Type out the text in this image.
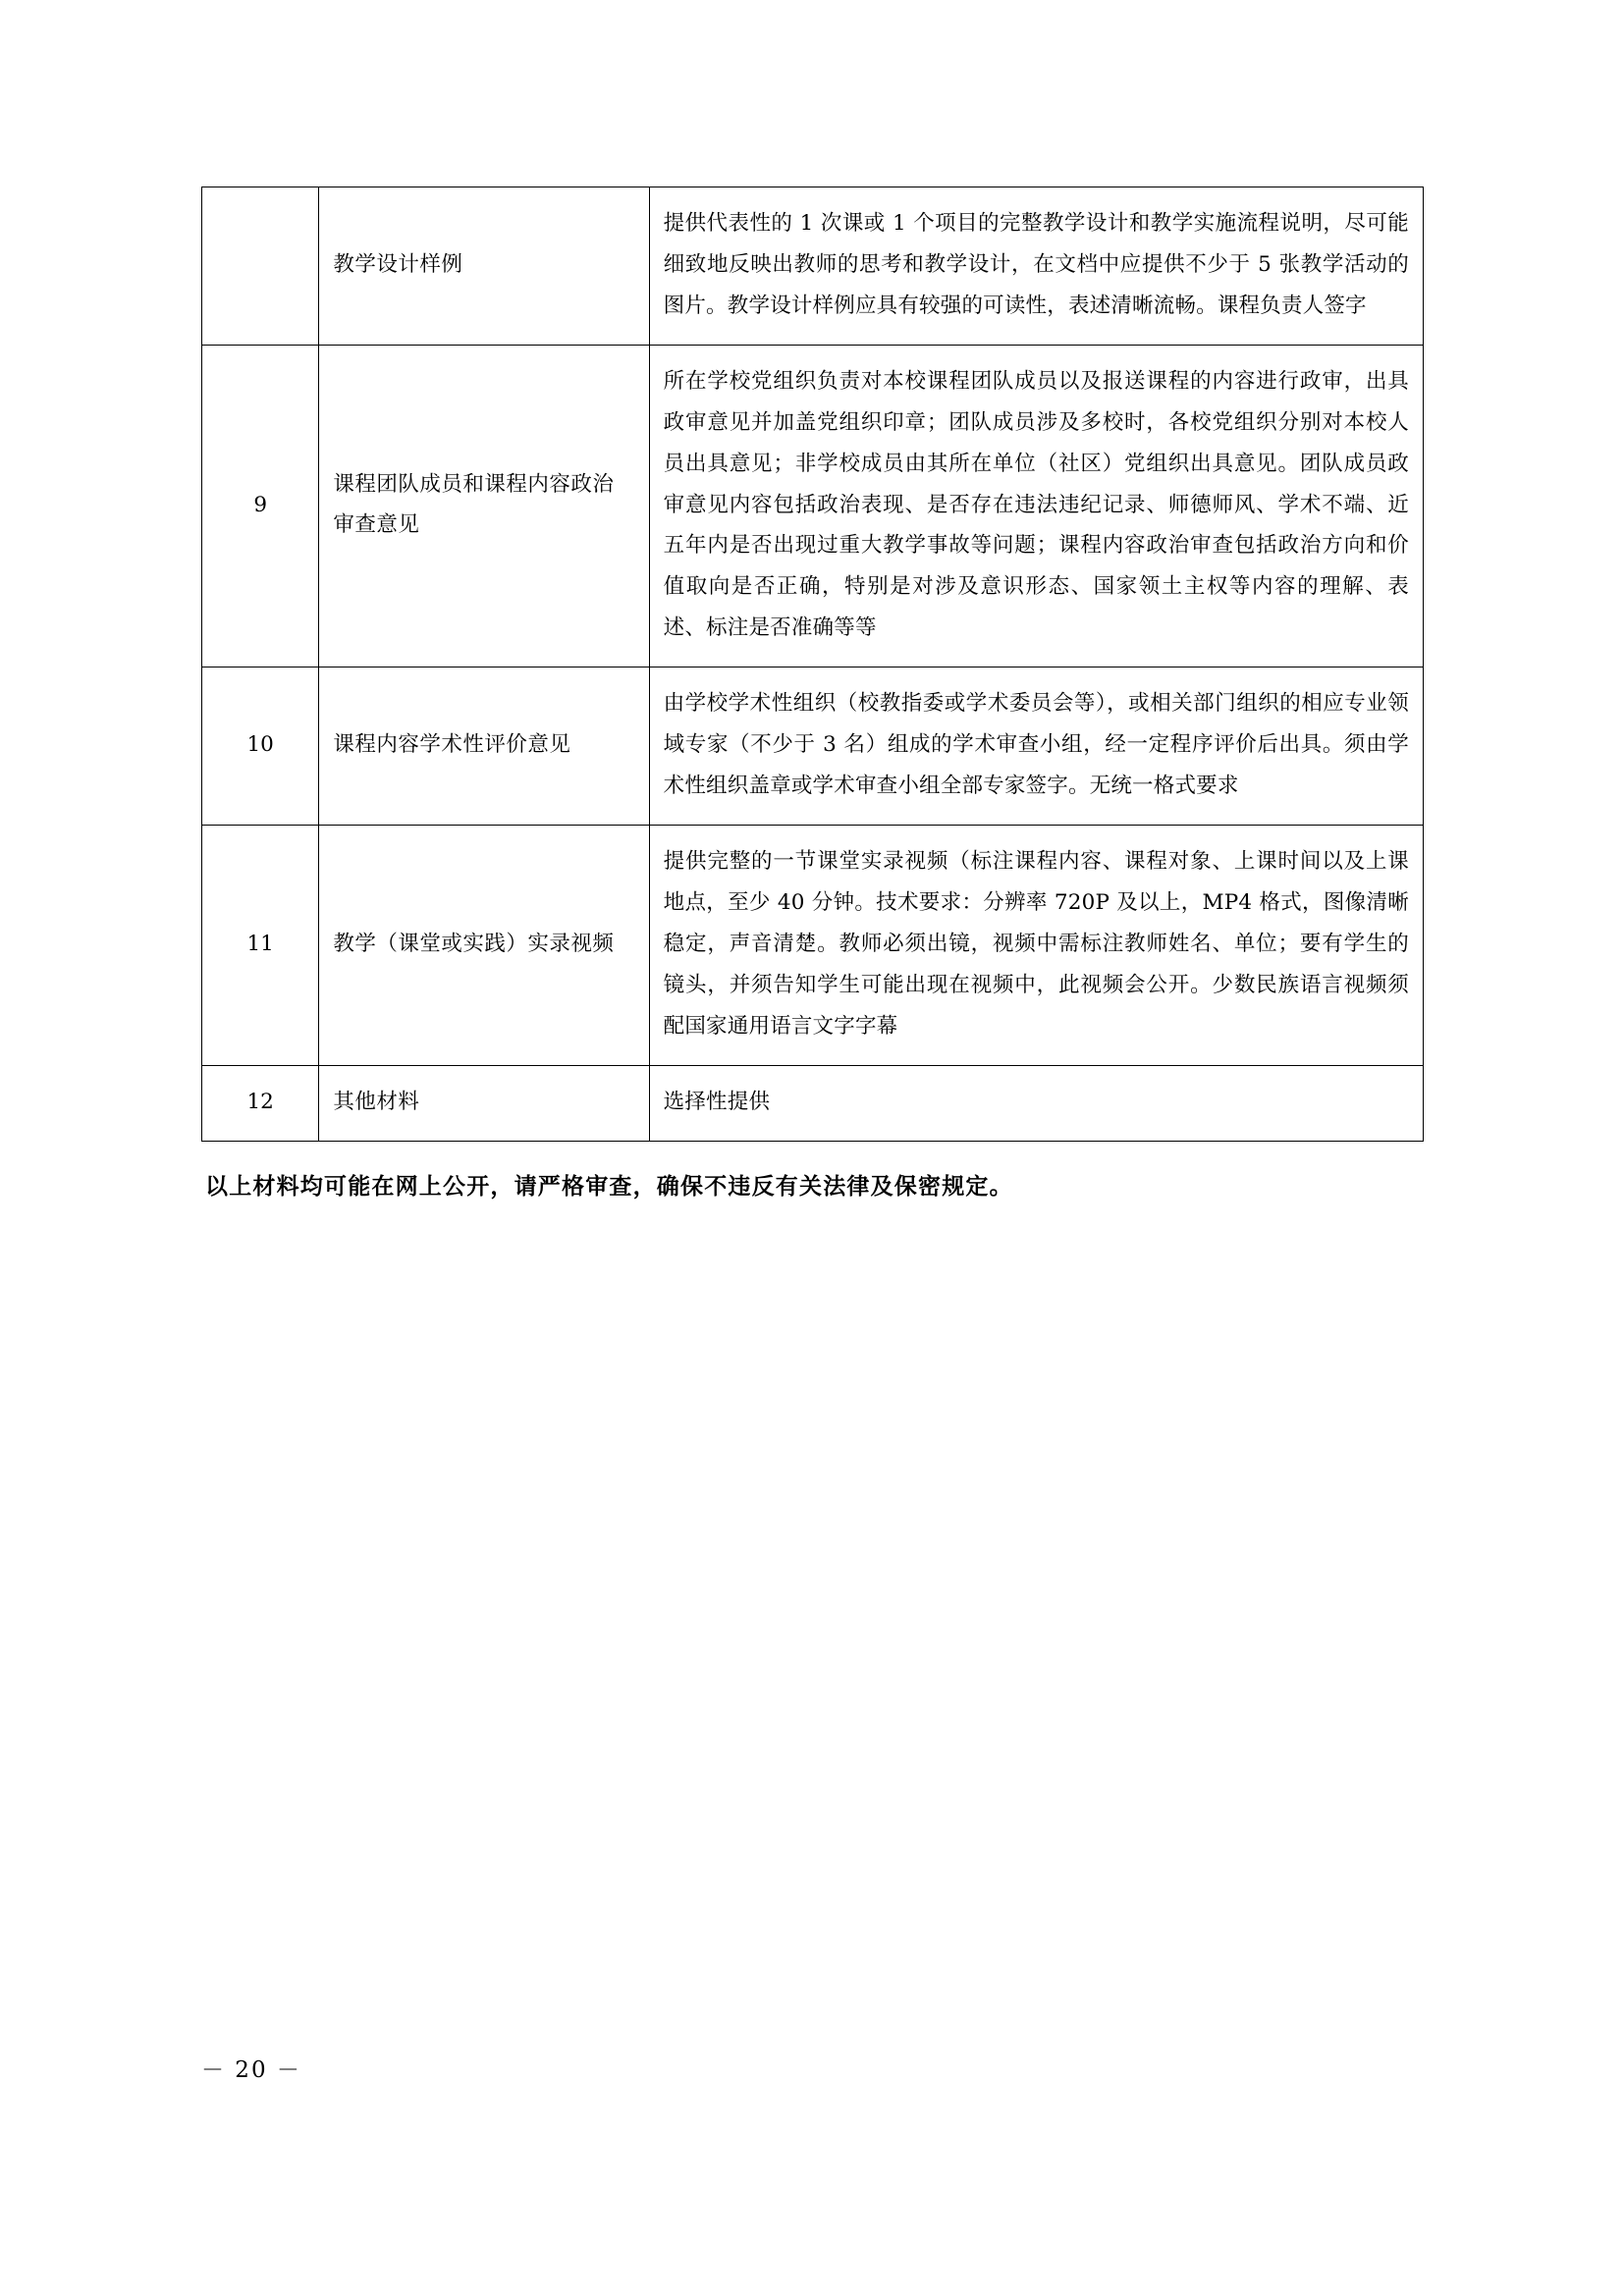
	教学设计样例	提供代表性的 1 次课或 1 个项目的完整教学设计和教学实施流程说明，尽可能细致地反映出教师的思考和教学设计，在文档中应提供不少于 5 张教学活动的图片。教学设计样例应具有较强的可读性，表述清晰流畅。课程负责人签字
9	课程团队成员和课程内容政治审查意见	所在学校党组织负责对本校课程团队成员以及报送课程的内容进行政审，出具政审意见并加盖党组织印章；团队成员涉及多校时，各校党组织分别对本校人员出具意见；非学校成员由其所在单位（社区）党组织出具意见。团队成员政审意见内容包括政治表现、是否存在违法违纪记录、师德师风、学术不端、近五年内是否出现过重大教学事故等问题；课程内容政治审查包括政治方向和价值取向是否正确，特别是对涉及意识形态、国家领土主权等内容的理解、表述、标注是否准确等等
10	课程内容学术性评价意见	由学校学术性组织（校教指委或学术委员会等），或相关部门组织的相应专业领域专家（不少于 3 名）组成的学术审查小组，经一定程序评价后出具。须由学术性组织盖章或学术审查小组全部专家签字。无统一格式要求
11	教学（课堂或实践）实录视频	提供完整的一节课堂实录视频（标注课程内容、课程对象、上课时间以及上课地点，至少 40 分钟。技术要求：分辨率 720P 及以上，MP4 格式，图像清晰稳定，声音清楚。教师必须出镜，视频中需标注教师姓名、单位；要有学生的镜头，并须告知学生可能出现在视频中，此视频会公开。少数民族语言视频须配国家通用语言文字字幕
12	其他材料	选择性提供
以上材料均可能在网上公开，请严格审查，确保不违反有关法律及保密规定。
－ 20 －
